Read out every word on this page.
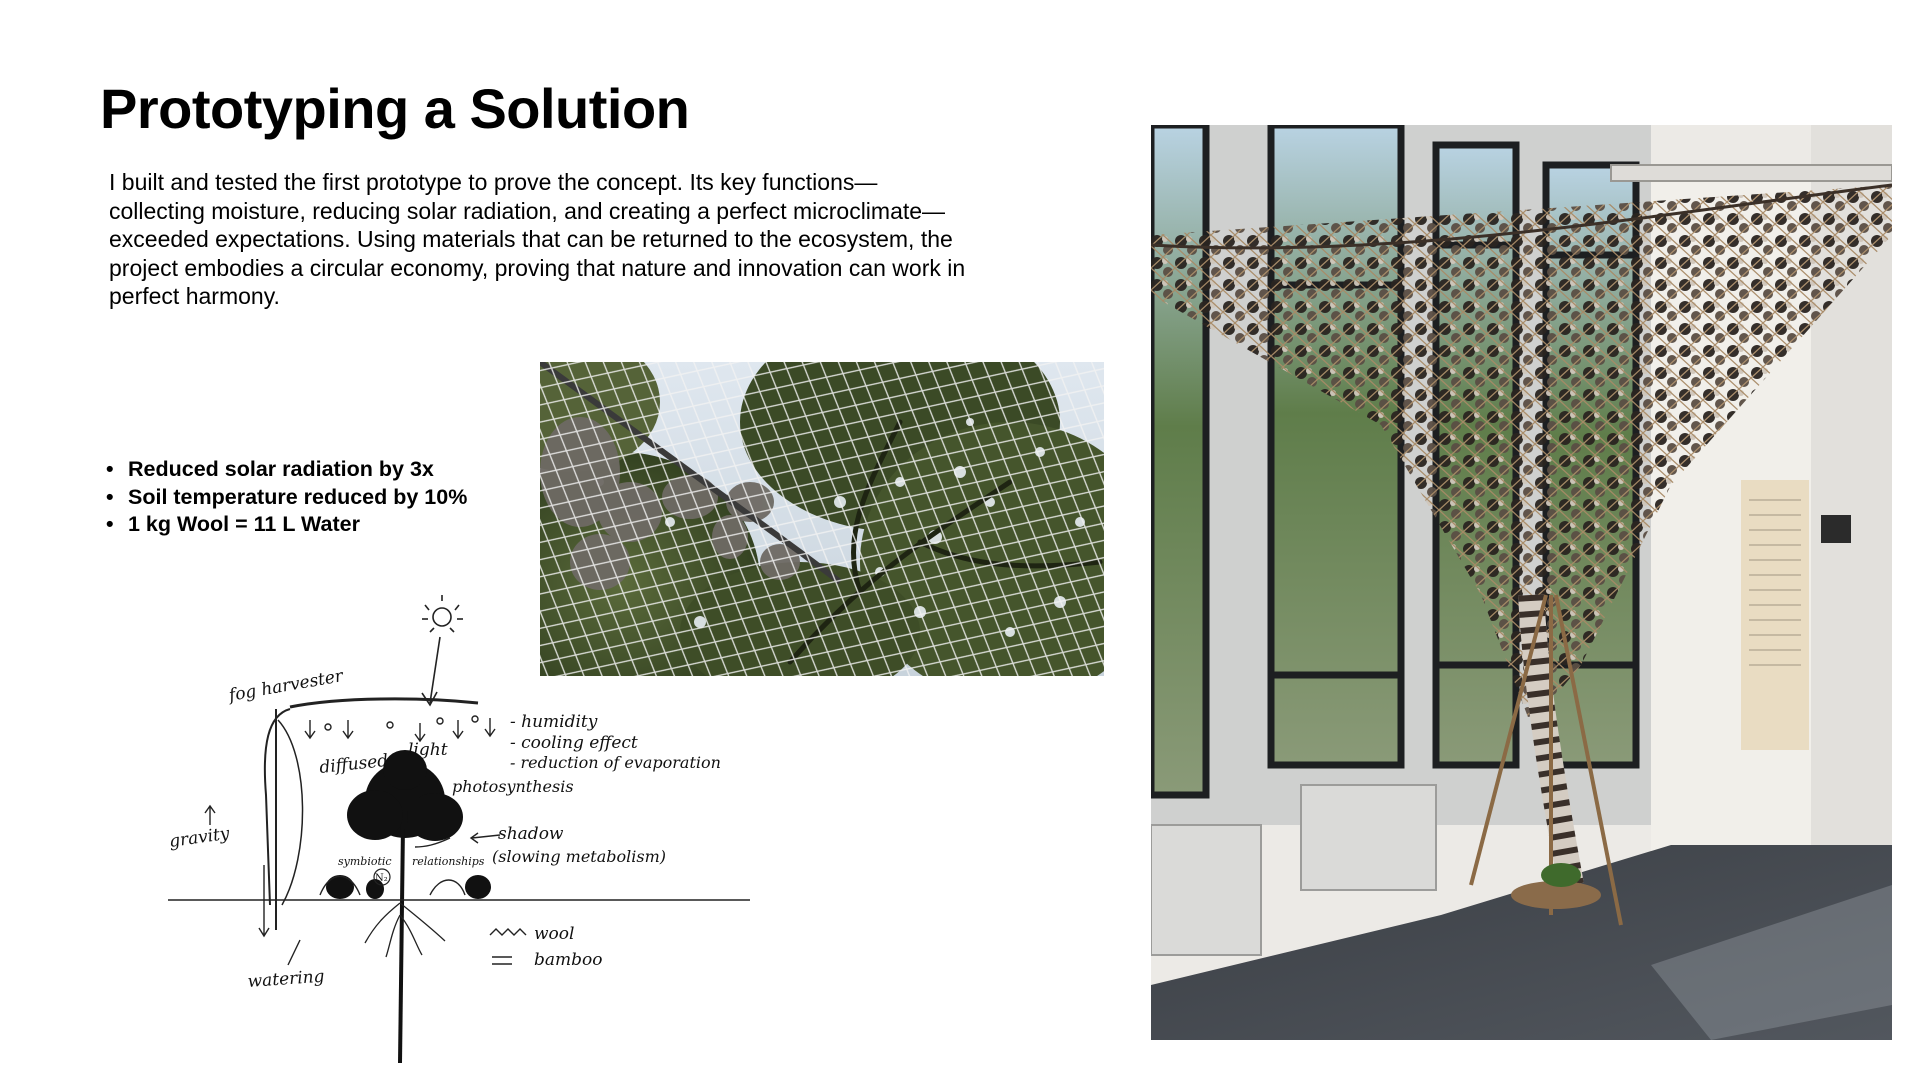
Prototyping a Solution
I built and tested the first prototype to prove the concept. Its key functions—collecting moisture, reducing solar radiation, and creating a perfect microclimate—exceeded expectations. Using materials that can be returned to the ecosystem, the project embodies a circular economy, proving that nature and innovation can work in perfect harmony.
• Reduced solar radiation by 3x
• Soil temperature reduced by 10%
• 1 kg Wool = 11 L Water
fog harvester
- humidity
- cooling effect
- reduction of evaporation
diffused
light
photosynthesis
gravity	shadow
(slowing metabolism)
symbiotic relationships
N₂
wool
bamboo
watering
